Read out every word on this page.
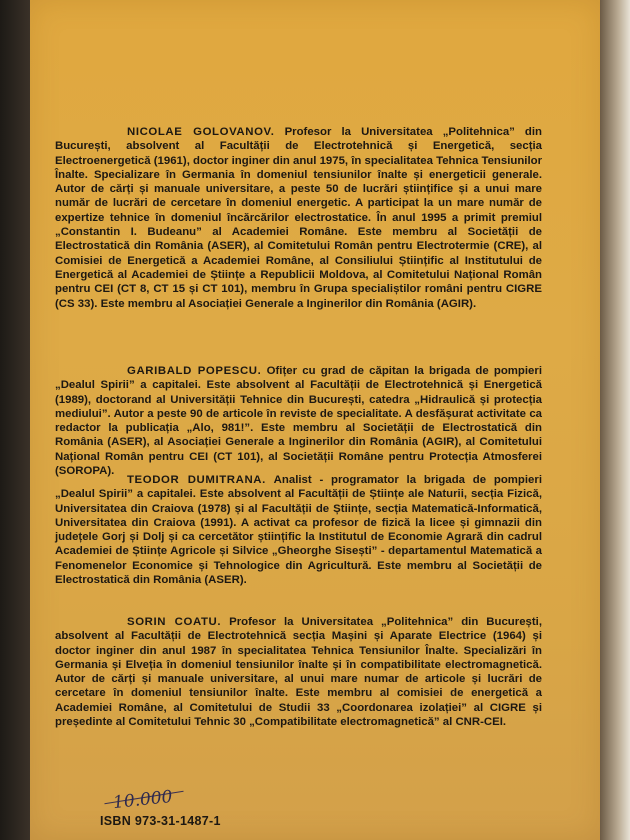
NICOLAE GOLOVANOV. Profesor la Universitatea „Politehnica” din București, absolvent al Facultății de Electrotehnică și Energetică, secția Electroenergetică (1961), doctor inginer din anul 1975, în specialitatea Tehnica Tensiunilor Înalte. Specializare în Germania în domeniul tensiunilor înalte și energeticii generale. Autor de cărți și manuale universitare, a peste 50 de lucrări științifice și a unui mare număr de lucrări de cercetare în domeniul energetic. A participat la un mare număr de expertize tehnice în domeniul încărcărilor electrostatice. În anul 1995 a primit premiul „Constantin I. Budeanu” al Academiei Române. Este membru al Societății de Electrostatică din România (ASER), al Comitetului Român pentru Electrotermie (CRE), al Comisiei de Energetică a Academiei Române, al Consiliului Științific al Institutului de Energetică al Academiei de Științe a Republicii Moldova, al Comitetului Național Român pentru CEI (CT 8, CT 15 și CT 101), membru în Grupa specialiștilor români pentru CIGRE (CS 33). Este membru al Asociației Generale a Inginerilor din România (AGIR).

GARIBALD POPESCU. Ofițer cu grad de căpitan la brigada de pompieri „Dealul Spirii” a capitalei. Este absolvent al Facultății de Electrotehnică și Energetică (1989), doctorand al Universității Tehnice din București, catedra „Hidraulică și protecția mediului”. Autor a peste 90 de articole în reviste de specialitate. A desfășurat activitate ca redactor la publicația „Alo, 981!”. Este membru al Societății de Electrostatică din România (ASER), al Asociației Generale a Inginerilor din România (AGIR), al Comitetului Național Român pentru CEI (CT 101), al Societății Române pentru Protecția Atmosferei (SOROPA).

TEODOR DUMITRANA. Analist - programator la brigada de pompieri „Dealul Spirii” a capitalei. Este absolvent al Facultății de Științe ale Naturii, secția Fizică, Universitatea din Craiova (1978) și al Facultății de Științe, secția Matematică-Informatică, Universitatea din Craiova (1991). A activat ca profesor de fizică la licee și gimnazii din județele Gorj și Dolj și ca cercetător științific la Institutul de Economie Agrară din cadrul Academiei de Științe Agricole și Silvice „Gheorghe Sisești” - departamentul Matematică a Fenomenelor Economice și Tehnologice din Agricultură. Este membru al Societății de Electrostatică din România (ASER).

SORIN COATU. Profesor la Universitatea „Politehnica” din București, absolvent al Facultății de Electrotehnică secția Mașini și Aparate Electrice (1964) și doctor inginer din anul 1987 în specialitatea Tehnica Tensiunilor Înalte. Specializări în Germania și Elveția în domeniul tensiunilor înalte și în compatibilitate electromagnetică. Autor de cărți și manuale universitare, al unui mare numar de articole și lucrări de cercetare în domeniul tensiunilor înalte. Este membru al comisiei de energetică a Academiei Române, al Comitetului de Studii 33 „Coordonarea izolației” al CIGRE și președinte al Comitetului Tehnic 30 „Compatibilitate electromagnetică” al CNR-CEI.

10.000
ISBN 973-31-1487-1
